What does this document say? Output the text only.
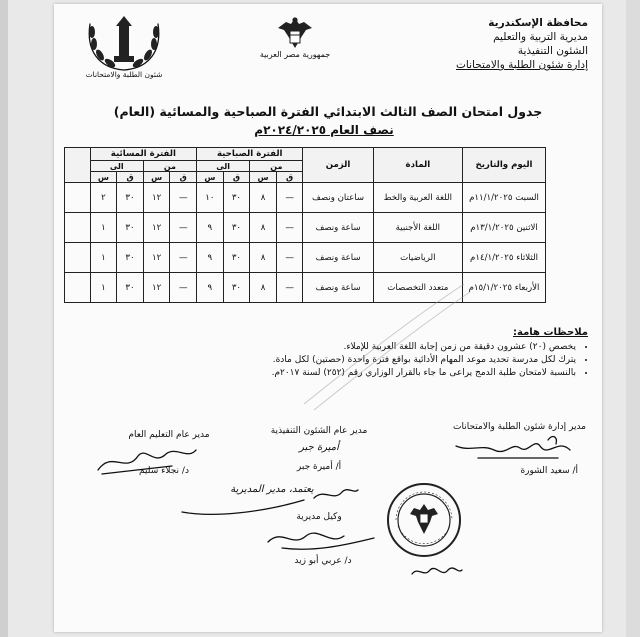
محافظة الإسكندرية
مديرية التربية والتعليم
الشئون التنفيذية
إدارة شئون الطلبة والامتحانات
جمهورية مصر العربية
شئون الطلبة والامتحانات
جدول امتحان الصف الثالث الابتدائي الفترة الصباحية والمسائية (العام)
نصف العام ٢٠٢٤/٢٠٢٥م
اليوم والتاريخ	المادة	الزمن	الفترة الصباحية				الفترة المسائية				
			من		الى		من		الى		
			ق	س	ق	س	ق	س	ق	س	
السبت ١١/١/٢٠٢٥م	اللغة العربية والخط	ساعتان ونصف	—	٨	٣٠	١٠	—	١٢	٣٠	٢	
الاثنين ١٣/١/٢٠٢٥م	اللغة الأجنبية	ساعة ونصف	—	٨	٣٠	٩	—	١٢	٣٠	١	
الثلاثاء ١٤/١/٢٠٢٥م	الرياضيات	ساعة ونصف	—	٨	٣٠	٩	—	١٢	٣٠	١	
الأربعاء ١٥/١/٢٠٢٥م	متعدد التخصصات	ساعة ونصف	—	٨	٣٠	٩	—	١٢	٣٠	١	
ملاحظات هامة:
• يخصص (٢٠) عشرون دقيقة من زمن إجابة اللغة العربية للإملاء.
• يترك لكل مدرسة تحديد موعد المهام الأدائية بواقع فترة واحدة (حصتين) لكل مادة.
• بالنسبة لامتحان طلبة الدمج يراعى ما جاء بالقرار الوزاري رقم (٢٥٢) لسنة ٢٠١٧م.
مدير إدارة شئون الطلبة والامتحانات
أ/ سعيد الشورة
مدير عام الشئون التنفيذية
أميرة جبر
أ/ أميرة جبر
مدير عام التعليم العام
د/ نجلاء سليم
يعتمد، مدير المديرية
وكيل مديرية
د/ عربي أبو زيد
